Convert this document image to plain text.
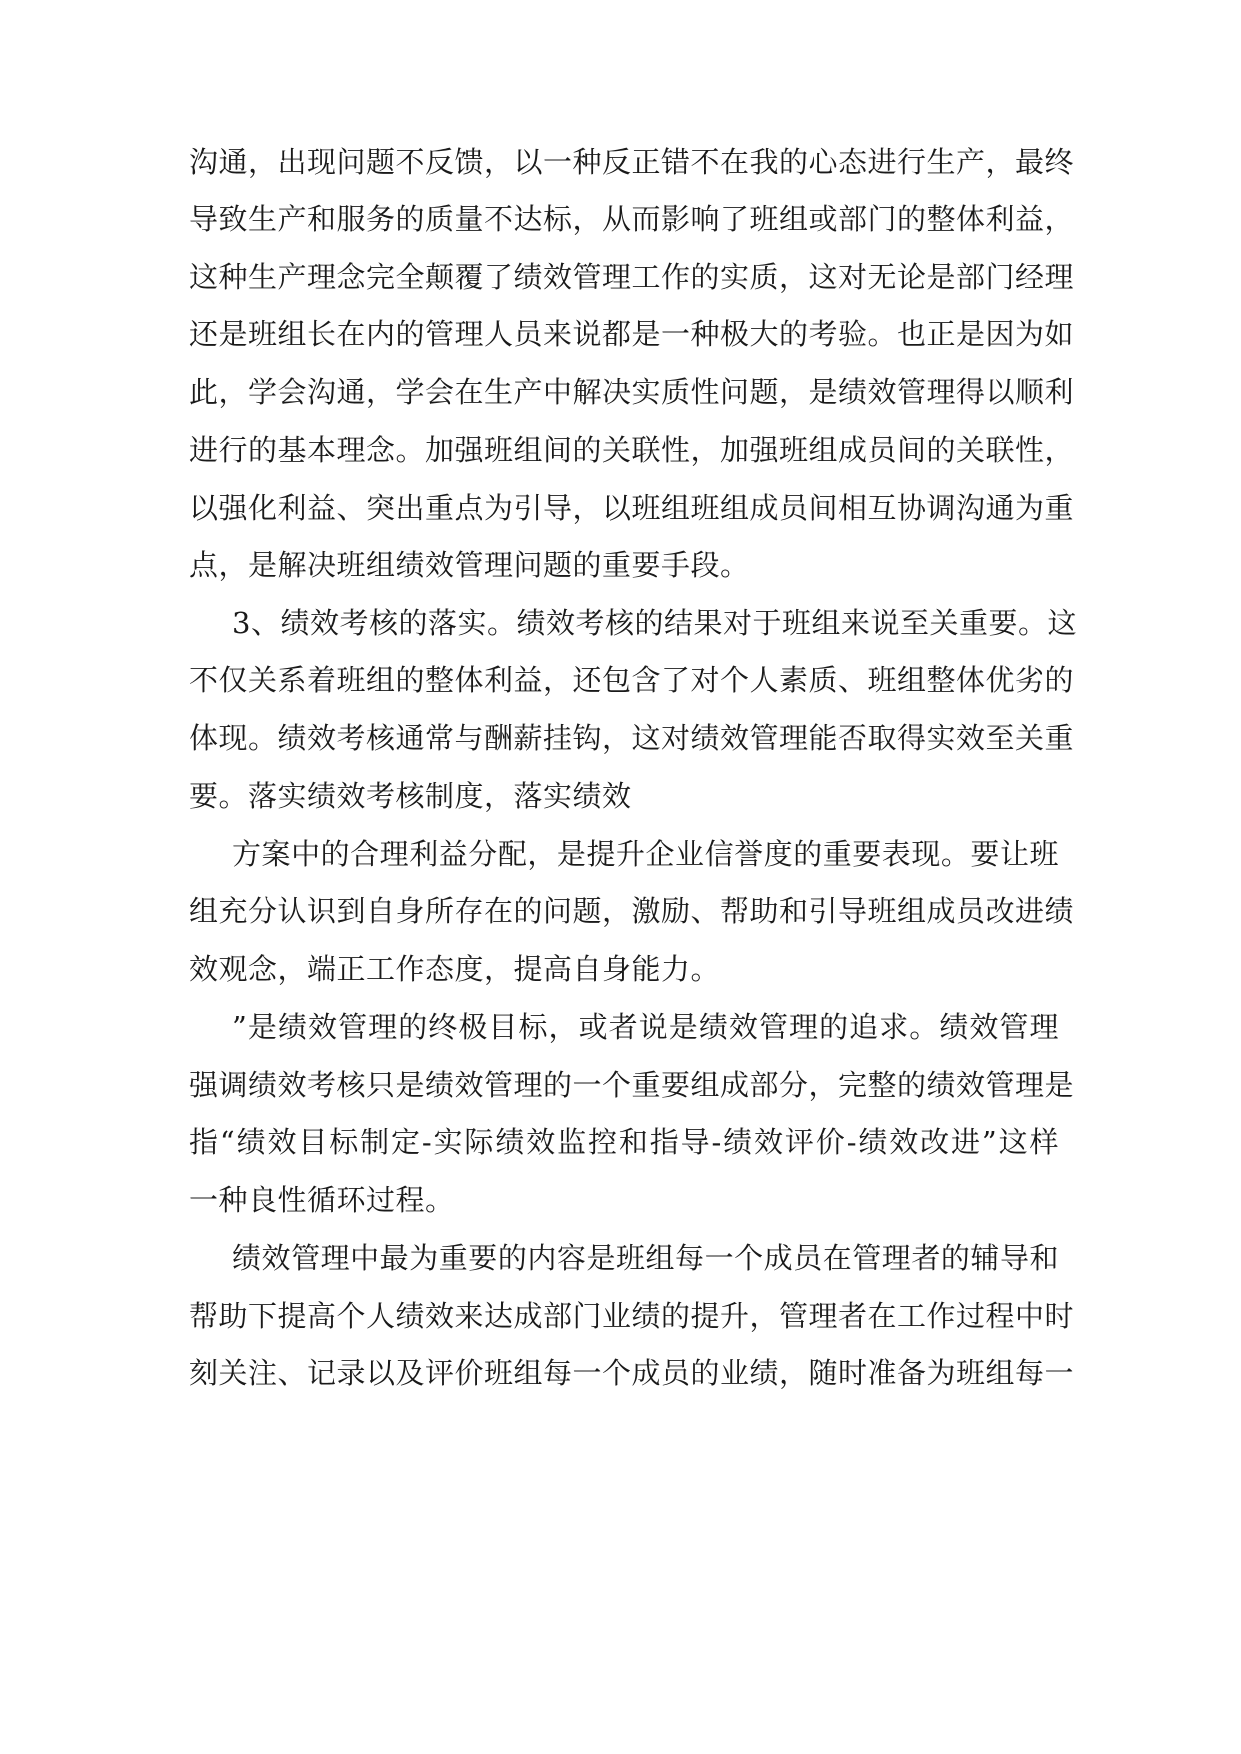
沟通，出现问题不反馈，以一种反正错不在我的心态进行生产，最终

导致生产和服务的质量不达标，从而影响了班组或部门的整体利益，

这种生产理念完全颠覆了绩效管理工作的实质，这对无论是部门经理

还是班组长在内的管理人员来说都是一种极大的考验。也正是因为如

此，学会沟通，学会在生产中解决实质性问题，是绩效管理得以顺利

进行的基本理念。加强班组间的关联性，加强班组成员间的关联性，

以强化利益、突出重点为引导，以班组班组成员间相互协调沟通为重

点，是解决班组绩效管理问题的重要手段。

3、绩效考核的落实。绩效考核的结果对于班组来说至关重要。这

不仅关系着班组的整体利益，还包含了对个人素质、班组整体优劣的

体现。绩效考核通常与酬薪挂钩，这对绩效管理能否取得实效至关重

要。落实绩效考核制度，落实绩效

方案中的合理利益分配，是提升企业信誉度的重要表现。要让班

组充分认识到自身所存在的问题，激励、帮助和引导班组成员改进绩

效观念，端正工作态度，提高自身能力。

”是绩效管理的终极目标，或者说是绩效管理的追求。绩效管理

强调绩效考核只是绩效管理的一个重要组成部分，完整的绩效管理是

指“绩效目标制定-实际绩效监控和指导-绩效评价-绩效改进”这样

一种良性循环过程。

绩效管理中最为重要的内容是班组每一个成员在管理者的辅导和

帮助下提高个人绩效来达成部门业绩的提升，管理者在工作过程中时

刻关注、记录以及评价班组每一个成员的业绩，随时准备为班组每一
